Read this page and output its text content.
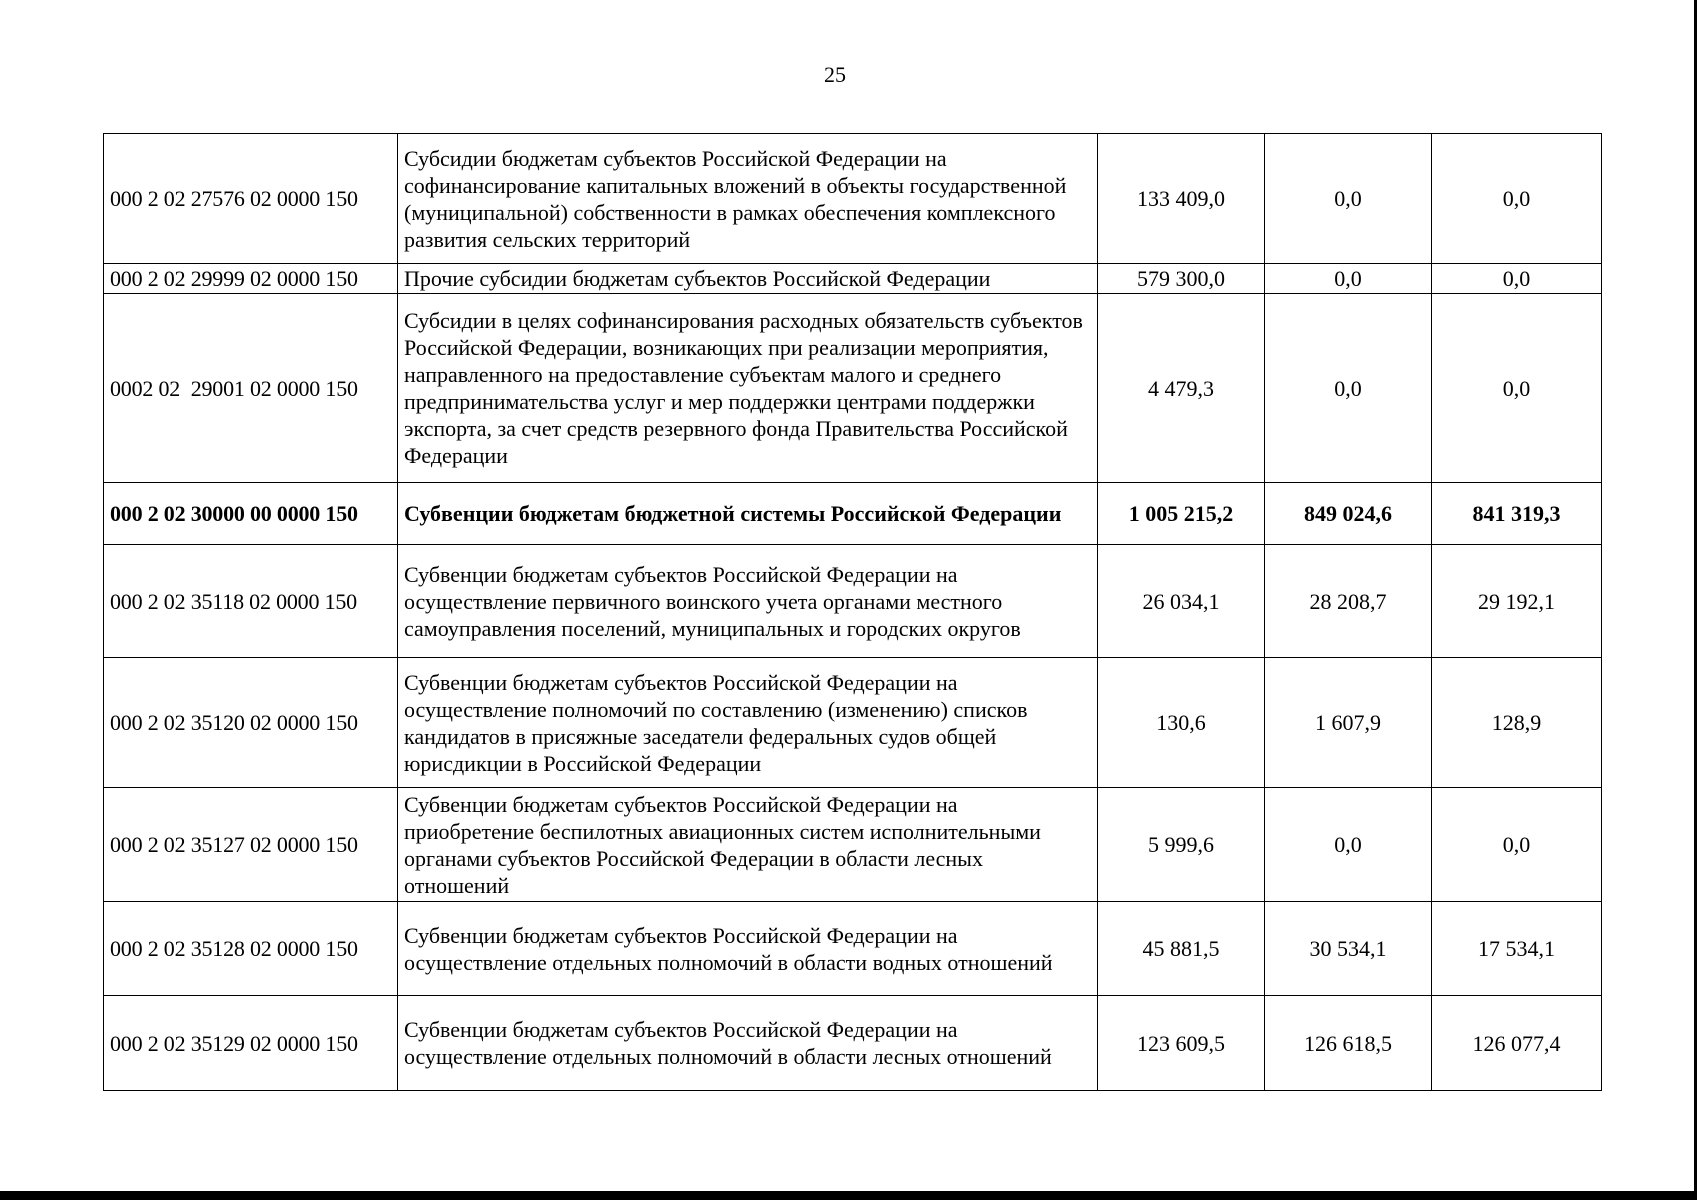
25
000 2 02 27576 02 0000 150	Субсидии бюджетам субъектов Российской Федерации на софинансирование капитальных вложений в объекты государственной (муниципальной) собственности в рамках обеспечения комплексного развития сельских территорий	133 409,0	0,0	0,0
000 2 02 29999 02 0000 150	Прочие субсидии бюджетам субъектов Российской Федерации	579 300,0	0,0	0,0
0002 02  29001 02 0000 150	Субсидии в целях софинансирования расходных обязательств субъектов Российской Федерации, возникающих при реализации мероприятия, направленного на предоставление субъектам малого и среднего предпринимательства услуг и мер поддержки центрами поддержки экспорта, за счет средств резервного фонда Правительства Российской Федерации	4 479,3	0,0	0,0
000 2 02 30000 00 0000 150	Субвенции бюджетам бюджетной системы Российской Федерации	1 005 215,2	849 024,6	841 319,3
000 2 02 35118 02 0000 150	Субвенции бюджетам субъектов Российской Федерации на осуществление первичного воинского учета органами местного самоуправления поселений, муниципальных и городских округов	26 034,1	28 208,7	29 192,1
000 2 02 35120 02 0000 150	Субвенции бюджетам субъектов Российской Федерации на осуществление полномочий по составлению (изменению) списков кандидатов в присяжные заседатели федеральных судов общей юрисдикции в Российской Федерации	130,6	1 607,9	128,9
000 2 02 35127 02 0000 150	Субвенции бюджетам субъектов Российской Федерации на приобретение беспилотных авиационных систем исполнительными органами субъектов Российской Федерации в области лесных отношений	5 999,6	0,0	0,0
000 2 02 35128 02 0000 150	Субвенции бюджетам субъектов Российской Федерации на осуществление отдельных полномочий в области водных отношений	45 881,5	30 534,1	17 534,1
000 2 02 35129 02 0000 150	Субвенции бюджетам субъектов Российской Федерации на осуществление отдельных полномочий в области лесных отношений	123 609,5	126 618,5	126 077,4
